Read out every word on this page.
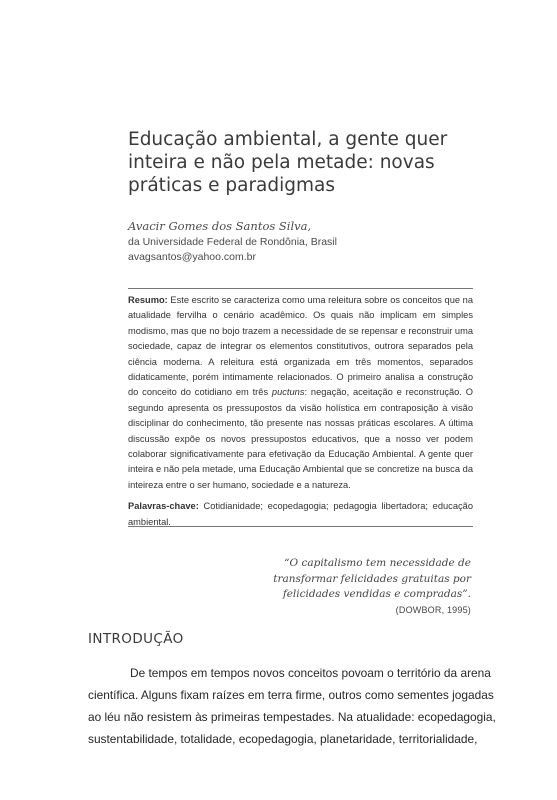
Educação ambiental, a gente quer
inteira e não pela metade: novas
práticas e paradigmas
Avacir Gomes dos Santos Silva,
da Universidade Federal de Rondônia, Brasil
avagsantos@yahoo.com.br

Resumo: Este escrito se caracteriza como uma releitura sobre os conceitos que na atualidade fervilha o cenário acadêmico. Os quais não implicam em simples modismo, mas que no bojo trazem a necessidade de se repensar e reconstruir uma sociedade, capaz de integrar os elementos constitutivos, outrora separados pela ciência moderna. A releitura está organizada em três momentos, separados didaticamente, porém intimamente relacionados. O primeiro analisa a construção do conceito do cotidiano em três puctuns: negação, aceitação e reconstrução. O segundo apresenta os pressupostos da visão holística em contraposição à visão disciplinar do conhecimento, tão presente nas nossas práticas escolares. A última discussão expõe os novos pressupostos educativos, que a nosso ver podem colaborar significativamente para efetivação da Educação Ambiental. A gente quer inteira e não pela metade, uma Educação Ambiental que se concretize na busca da inteireza entre o ser humano, sociedade e a natureza.

Palavras-chave: Cotidianidade; ecopedagogia; pedagogia libertadora; educação ambiental.

“O capitalismo tem necessidade de
transformar felicidades gratuitas por
felicidades vendidas e compradas”.
(DOWBOR, 1995)
INTRODUÇÃO

De tempos em tempos novos conceitos povoam o território da arena
científica. Alguns fixam raízes em terra firme, outros como sementes jogadas
ao léu não resistem às primeiras tempestades. Na atualidade: ecopedagogia,
sustentabilidade, totalidade, ecopedagogia, planetaridade, territorialidade,
